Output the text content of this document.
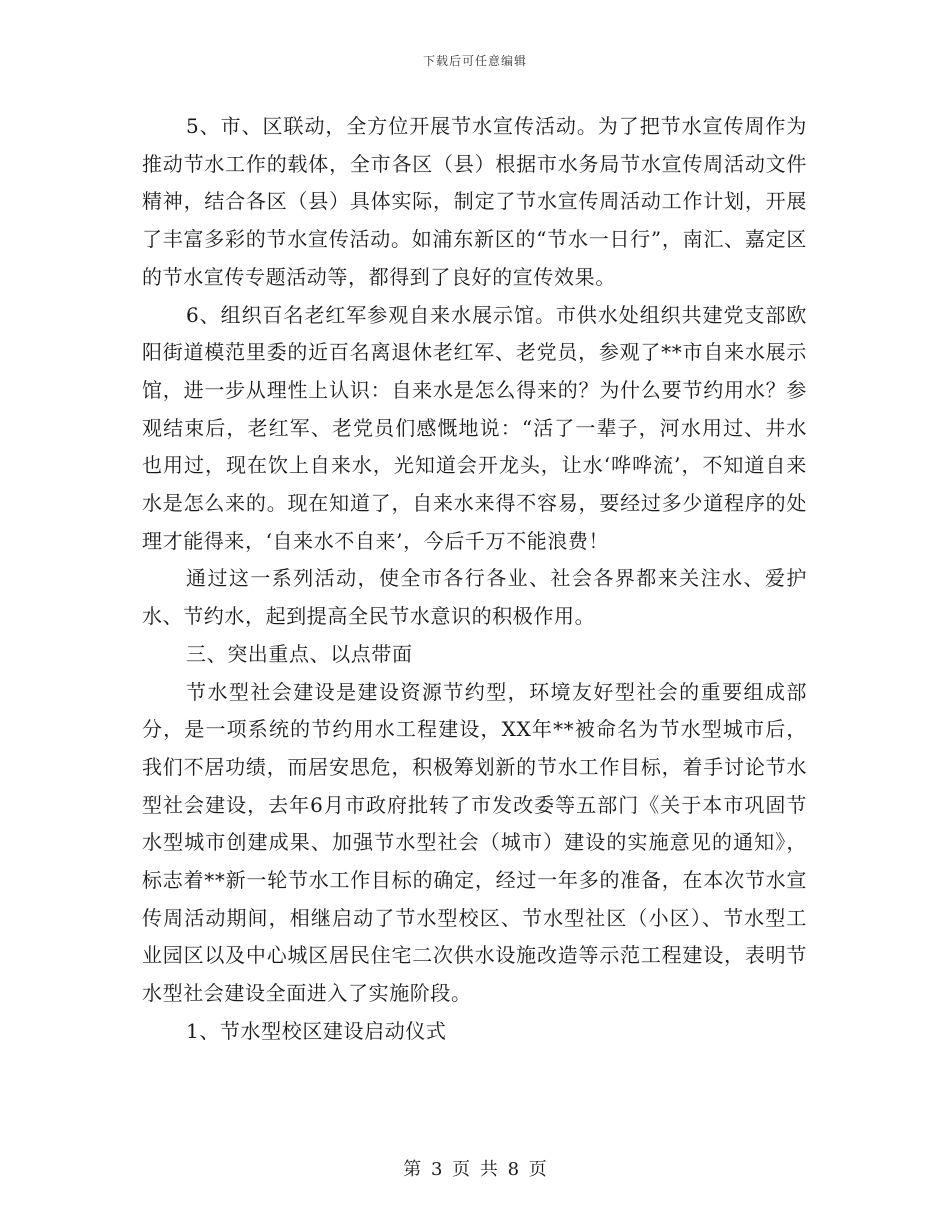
下载后可任意编辑

5、市、区联动，全方位开展节水宣传活动。为了把节水宣传周作为推动节水工作的载体，全市各区（县）根据市水务局节水宣传周活动文件精神，结合各区（县）具体实际，制定了节水宣传周活动工作计划，开展了丰富多彩的节水宣传活动。如浦东新区的“节水一日行”，南汇、嘉定区的节水宣传专题活动等，都得到了良好的宣传效果。

6、组织百名老红军参观自来水展示馆。市供水处组织共建党支部欧阳街道模范里委的近百名离退休老红军、老党员，参观了**市自来水展示馆，进一步从理性上认识：自来水是怎么得来的？为什么要节约用水？参观结束后，老红军、老党员们感慨地说：“活了一辈子，河水用过、井水也用过，现在饮上自来水，光知道会开龙头，让水‘哗哗流’，不知道自来水是怎么来的。现在知道了，自来水来得不容易，要经过多少道程序的处理才能得来，‘自来水不自来’，今后千万不能浪费！

通过这一系列活动，使全市各行各业、社会各界都来关注水、爱护水、节约水，起到提高全民节水意识的积极作用。

三、突出重点、以点带面

节水型社会建设是建设资源节约型，环境友好型社会的重要组成部分，是一项系统的节约用水工程建设，XX年**被命名为节水型城市后，我们不居功绩，而居安思危，积极筹划新的节水工作目标，着手讨论节水型社会建设，去年6月市政府批转了市发改委等五部门《关于本市巩固节水型城市创建成果、加强节水型社会（城市）建设的实施意见的通知》，标志着**新一轮节水工作目标的确定，经过一年多的准备，在本次节水宣传周活动期间，相继启动了节水型校区、节水型社区（小区）、节水型工业园区以及中心城区居民住宅二次供水设施改造等示范工程建设，表明节水型社会建设全面进入了实施阶段。

1、节水型校区建设启动仪式

第 3 页 共 8 页
